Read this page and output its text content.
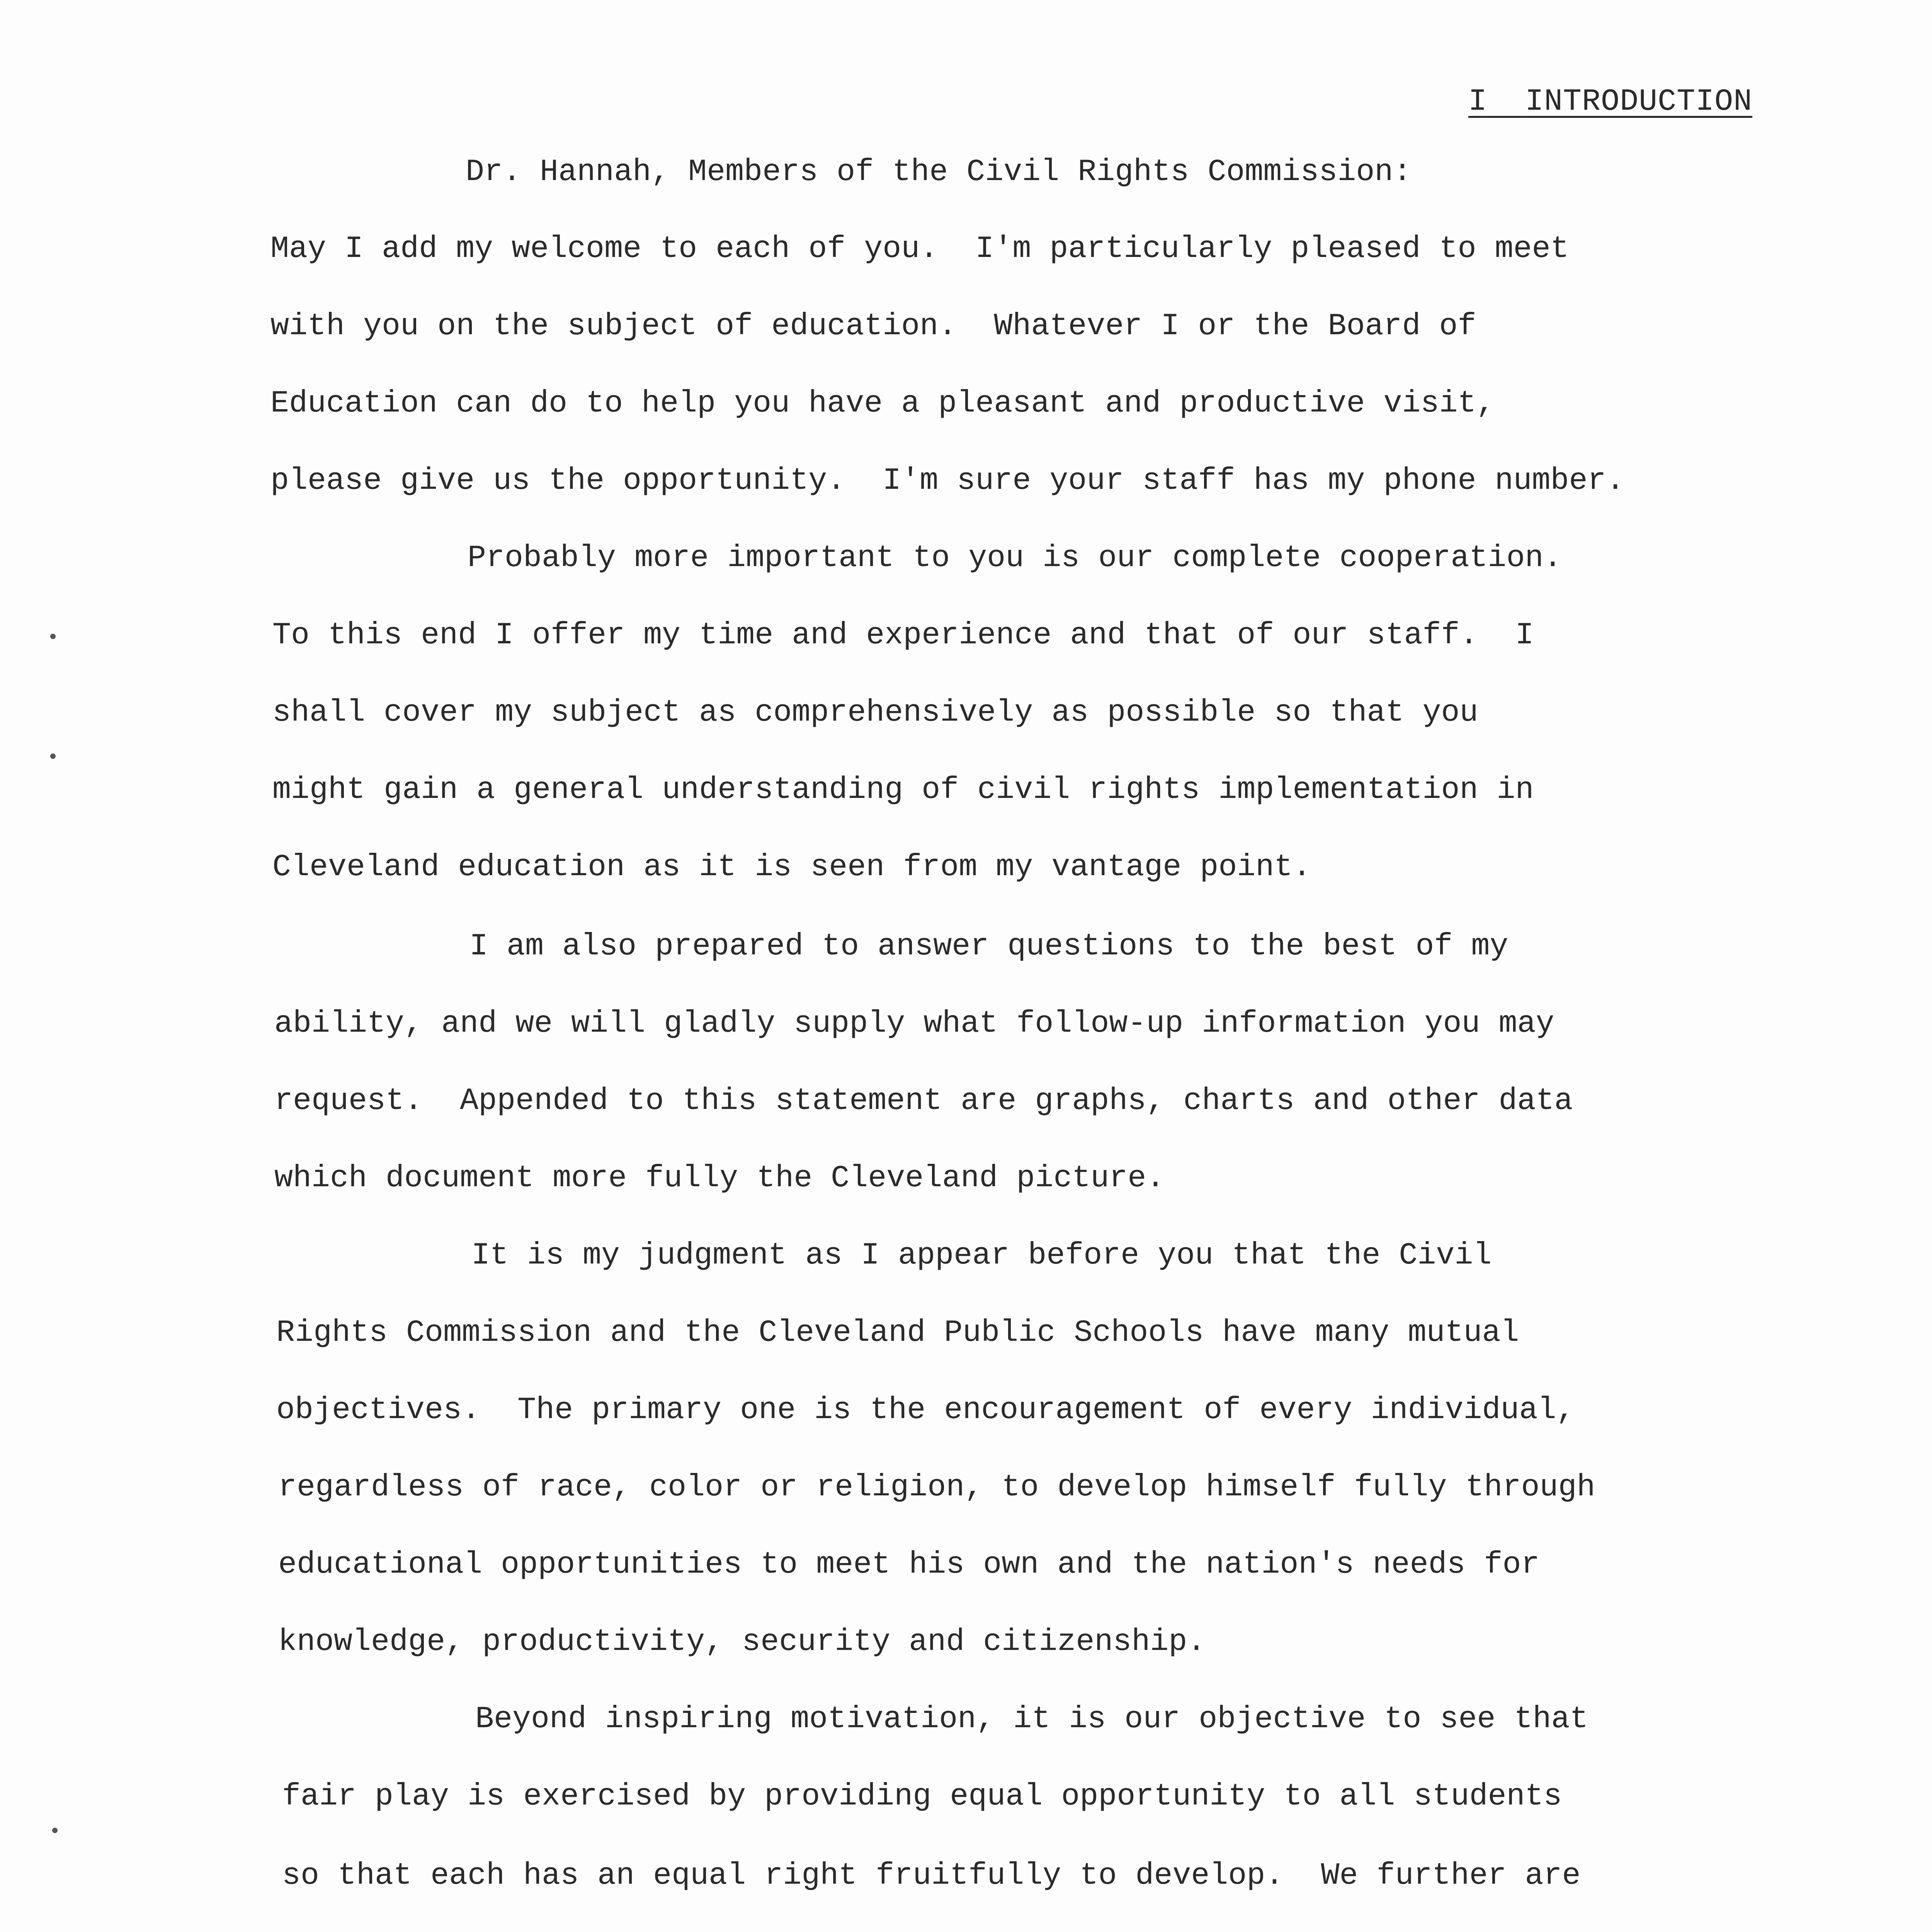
I INTRODUCTION
Dr. Hannah, Members of the Civil Rights Commission:
May I add my welcome to each of you.  I'm particularly pleased to meet
with you on the subject of education.  Whatever I or the Board of
Education can do to help you have a pleasant and productive visit,
please give us the opportunity.  I'm sure your staff has my phone number.
Probably more important to you is our complete cooperation.
To this end I offer my time and experience and that of our staff.  I
shall cover my subject as comprehensively as possible so that you
might gain a general understanding of civil rights implementation in
Cleveland education as it is seen from my vantage point.
I am also prepared to answer questions to the best of my
ability, and we will gladly supply what follow-up information you may
request.  Appended to this statement are graphs, charts and other data
which document more fully the Cleveland picture.
It is my judgment as I appear before you that the Civil
Rights Commission and the Cleveland Public Schools have many mutual
objectives.  The primary one is the encouragement of every individual,
regardless of race, color or religion, to develop himself fully through
educational opportunities to meet his own and the nation's needs for
knowledge, productivity, security and citizenship.
Beyond inspiring motivation, it is our objective to see that
fair play is exercised by providing equal opportunity to all students
so that each has an equal right fruitfully to develop.  We further are
